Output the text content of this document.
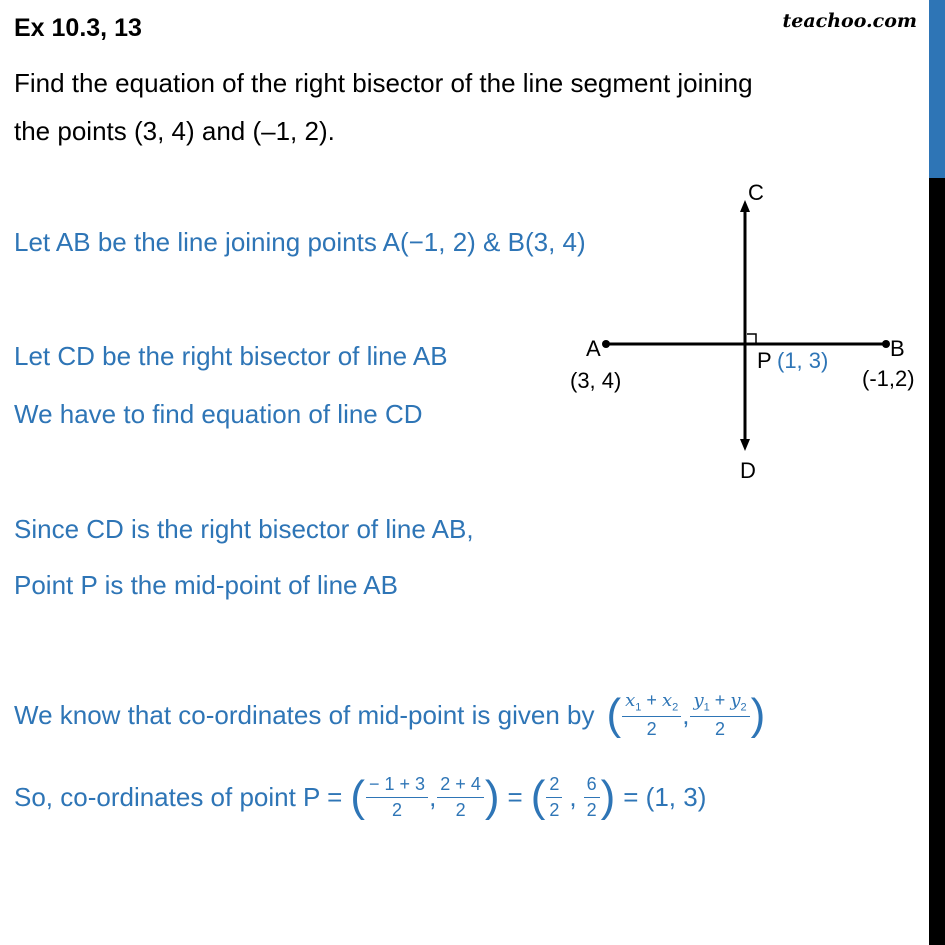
Ex 10.3, 13	teachoo.com
Find the equation of the right bisector of the line segment joining
the points (3, 4) and (–1, 2).
Let AB be the line joining points A(−1, 2) & B(3, 4)
Let CD be the right bisector of line AB
We have to find equation of line CD
Since CD is the right bisector of line AB,
Point P is the mid-point of line AB
We know that co-ordinates of mid-point is given by ( $\frac{x_1 + x_2}{2}$ , $\frac{y_1 + y_2}{2}$ )
So, co-ordinates of point P = ( $\frac{- 1 + 3}{2}$ , $\frac{2 + 4}{2}$ ) = ( $\frac{2}{2}$ , $\frac{6}{2}$ ) = (1, 3)
C
D
A	B
P (1, 3)
(3, 4)	(-1,2)
